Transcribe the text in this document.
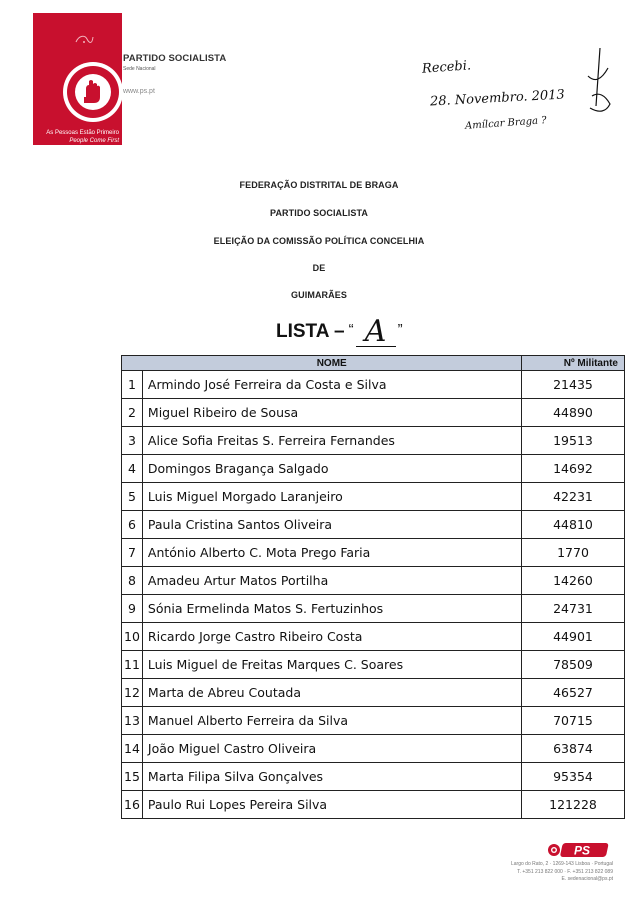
As Pessoas Estão Primeiro
People Come First
PARTIDO SOCIALISTA
Sede Nacional
www.ps.pt
Recebi.
28. Novembro. 2013
Amílcar Braga ?
FEDERAÇÃO DISTRITAL DE BRAGA
PARTIDO SOCIALISTA
ELEIÇÃO DA COMISSÃO POLÍTICA CONCELHIA
DE
GUIMARÃES
LISTA – “ A ”
	NOME	Nº Militante
1	Armindo José Ferreira da Costa e Silva	21435
2	Miguel Ribeiro de Sousa	44890
3	Alice Sofia Freitas S. Ferreira Fernandes	19513
4	Domingos Bragança Salgado	14692
5	Luis Miguel Morgado Laranjeiro	42231
6	Paula Cristina Santos Oliveira	44810
7	António Alberto C. Mota Prego Faria	1770
8	Amadeu Artur Matos Portilha	14260
9	Sónia Ermelinda Matos S. Fertuzinhos	24731
10	Ricardo Jorge Castro Ribeiro Costa	44901
11	Luis Miguel de Freitas Marques C. Soares	78509
12	Marta de Abreu Coutada	46527
13	Manuel Alberto Ferreira da Silva	70715
14	João Miguel Castro Oliveira	63874
15	Marta Filipa Silva Gonçalves	95354
16	Paulo Rui Lopes Pereira Silva	121228
PS
Largo do Rato, 2 · 1269-143 Lisboa · Portugal
T. +351 213 822 000 · F. +351 213 822 089
E. sedenacional@ps.pt
